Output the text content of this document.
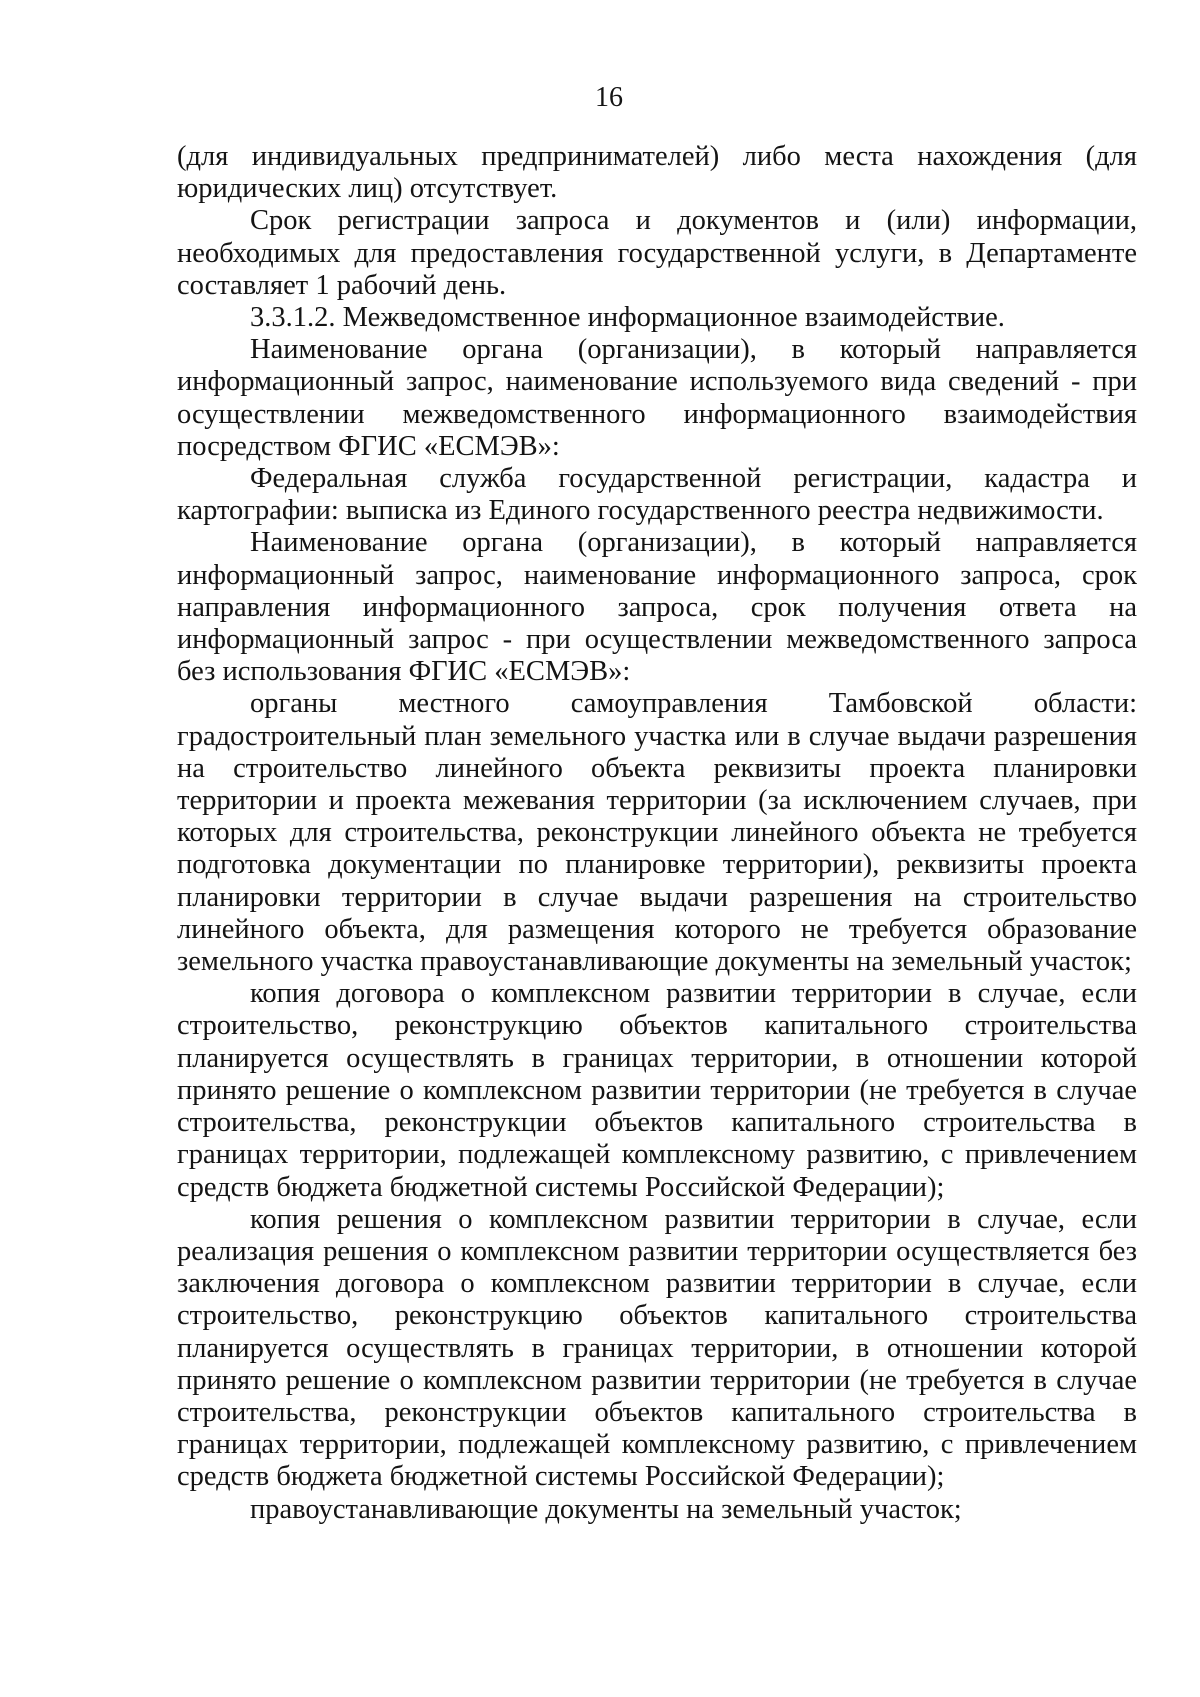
16

(для индивидуальных предпринимателей) либо места нахождения (для юридических лиц) отсутствует.

Срок регистрации запроса и документов и (или) информации, необходимых для предоставления государственной услуги, в Департаменте составляет 1 рабочий день.

3.3.1.2. Межведомственное информационное взаимодействие.

Наименование органа (организации), в который направляется информационный запрос, наименование используемого вида сведений - при осуществлении межведомственного информационного взаимодействия посредством ФГИС «ЕСМЭВ»:

Федеральная служба государственной регистрации, кадастра и картографии: выписка из Единого государственного реестра недвижимости.

Наименование органа (организации), в который направляется информационный запрос, наименование информационного запроса, срок направления информационного запроса, срок получения ответа на информационный запрос - при осуществлении межведомственного запроса без использования ФГИС «ЕСМЭВ»:

органы местного самоуправления Тамбовской области: градостроительный план земельного участка или в случае выдачи разрешения на строительство линейного объекта реквизиты проекта планировки территории и проекта межевания территории (за исключением случаев, при которых для строительства, реконструкции линейного объекта не требуется подготовка документации по планировке территории), реквизиты проекта планировки территории в случае выдачи разрешения на строительство линейного объекта, для размещения которого не требуется образование земельного участка правоустанавливающие документы на земельный участок;

копия договора о комплексном развитии территории в случае, если строительство, реконструкцию объектов капитального строительства планируется осуществлять в границах территории, в отношении которой принято решение о комплексном развитии территории (не требуется в случае строительства, реконструкции объектов капитального строительства в границах территории, подлежащей комплексному развитию, с привлечением средств бюджета бюджетной системы Российской Федерации);

копия решения о комплексном развитии территории в случае, если реализация решения о комплексном развитии территории осуществляется без заключения договора о комплексном развитии территории в случае, если строительство, реконструкцию объектов капитального строительства планируется осуществлять в границах территории, в отношении которой принято решение о комплексном развитии территории (не требуется в случае строительства, реконструкции объектов капитального строительства в границах территории, подлежащей комплексному развитию, с привлечением средств бюджета бюджетной системы Российской Федерации);

правоустанавливающие документы на земельный участок;
